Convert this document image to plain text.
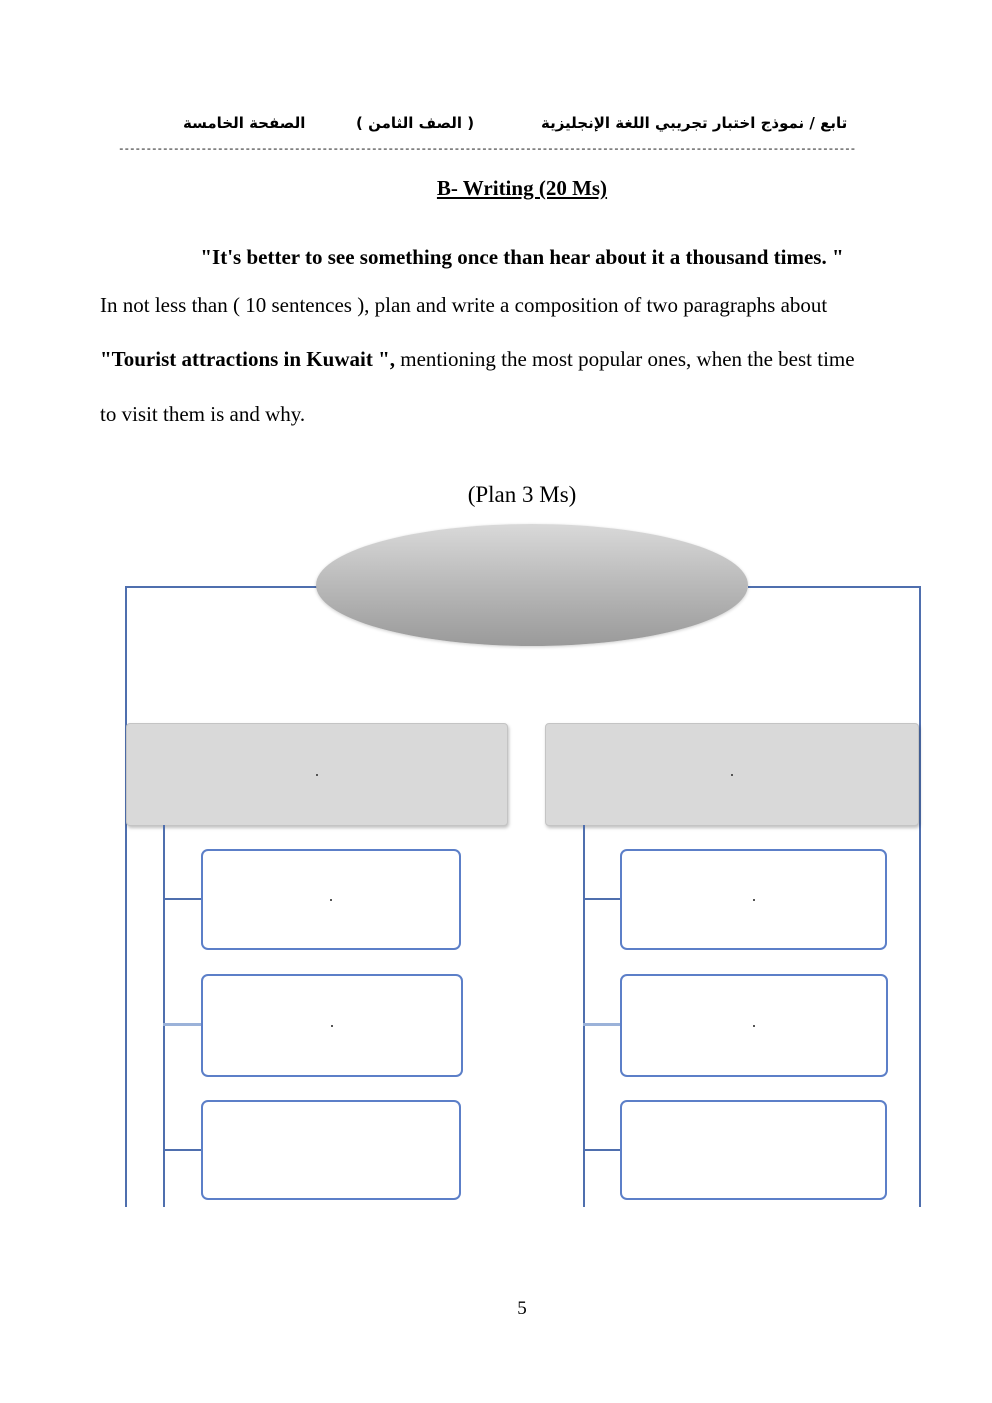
تابع / نموذج اختبار تجريبي اللغة الإنجليزية
( الصف الثامن )
الصفحة الخامسة
--------------------------------------------------------------------------------------------------------------------------------------
B- Writing (20 Ms)
"It's better to see something once than hear about it a thousand times. "
In not less than ( 10 sentences ), plan and write a composition of two paragraphs about
"Tourist attractions in Kuwait ", mentioning the most popular ones, when the best time
to visit them is and why.
(Plan 3 Ms)
5
